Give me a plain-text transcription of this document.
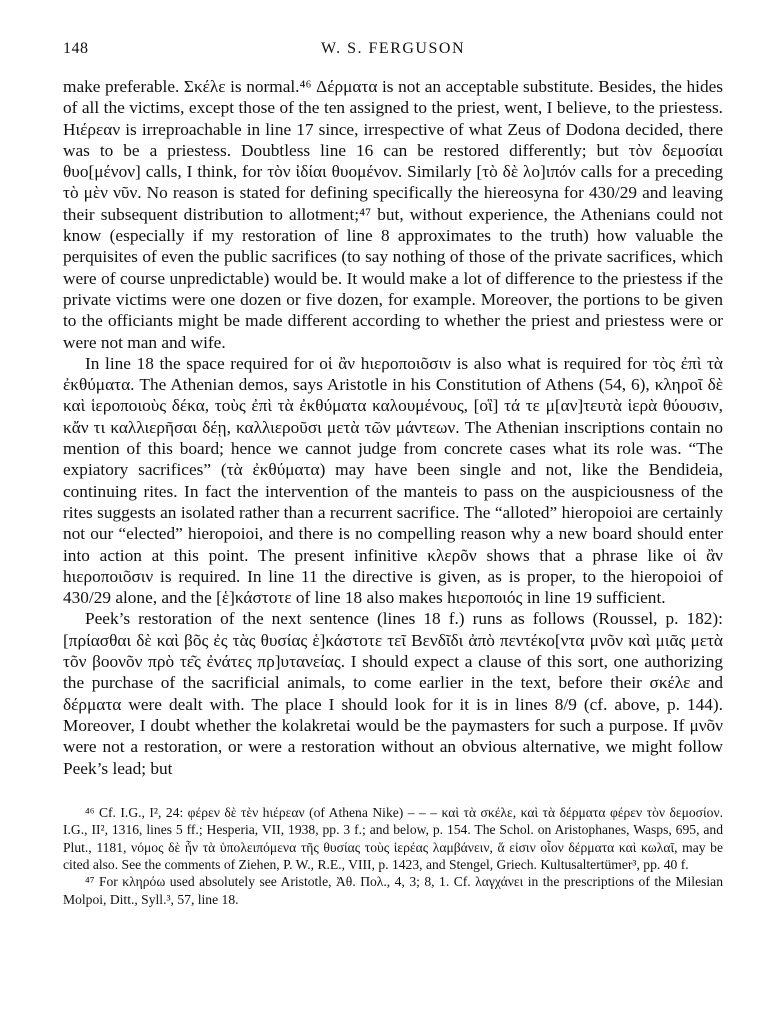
148	W. S. FERGUSON

make preferable. Σκέλε is normal.⁴⁶ Δέρματα is not an acceptable substitute. Besides, the hides of all the victims, except those of the ten assigned to the priest, went, I believe, to the priestess. Ηιέρεαν is irreproachable in line 17 since, irrespective of what Zeus of Dodona decided, there was to be a priestess. Doubtless line 16 can be restored differently; but τὸν δεμοσίαι θυο[μένον] calls, I think, for τὸν ἰδίαι θυομένον. Similarly [τὸ δὲ λο]ιπόν calls for a preceding τὸ μὲν νῦν. No reason is stated for defining specifically the hiereosyna for 430/29 and leaving their subsequent distribution to allotment;⁴⁷ but, without experience, the Athenians could not know (especially if my restoration of line 8 approximates to the truth) how valuable the perquisites of even the public sacrifices (to say nothing of those of the private sacrifices, which were of course unpredictable) would be. It would make a lot of difference to the priestess if the private victims were one dozen or five dozen, for example. Moreover, the portions to be given to the officiants might be made different according to whether the priest and priestess were or were not man and wife.

In line 18 the space required for οἱ ἂν hιεροποιõσιν is also what is required for τὸς ἐπὶ τὰ ἐκθύματα. The Athenian demos, says Aristotle in his Constitution of Athens (54, 6), κληροῖ δὲ καὶ ἱεροποιοὺς δέκα, τοὺς ἐπὶ τὰ ἐκθύματα καλουμένους, [οἳ] τά τε μ[αν]τευτὰ ἱερὰ θύουσιν, κἄν τι καλλιερῆσαι δέῃ, καλλιεροῦσι μετὰ τῶν μάντεων. The Athenian inscriptions contain no mention of this board; hence we cannot judge from concrete cases what its role was. “The expiatory sacrifices” (τὰ ἐκθύματα) may have been single and not, like the Bendideia, continuing rites. In fact the intervention of the manteis to pass on the auspiciousness of the rites suggests an isolated rather than a recurrent sacrifice. The “alloted” hieropoioi are certainly not our “elected” hieropoioi, and there is no compelling reason why a new board should enter into action at this point. The present infinitive κλερõν shows that a phrase like οἱ ἂν hιεροποιõσιν is required. In line 11 the directive is given, as is proper, to the hieropoioi of 430/29 alone, and the [ἑ]κάστοτε of line 18 also makes hιεροποιός in line 19 sufficient.

Peek’s restoration of the next sentence (lines 18 f.) runs as follows (Roussel, p. 182): [πρίασθαι δὲ καὶ βõς ἐς τὰς θυσίας ἑ]κάστοτε τεῖ Βενδῖδι ἀπὸ πεντέκο[ντα μνõν καὶ μιᾶς μετὰ τõν βοονõν πρὸ τε͂ς ἐνάτες πρ]υτανείας. I should expect a clause of this sort, one authorizing the purchase of the sacrificial animals, to come earlier in the text, before their σκέλε and δέρματα were dealt with. The place I should look for it is in lines 8/9 (cf. above, p. 144). Moreover, I doubt whether the kolakretai would be the paymasters for such a purpose. If μνõν were not a restoration, or were a restoration without an obvious alternative, we might follow Peek’s lead; but

⁴⁶ Cf. I.G., I², 24: φέρεν δὲ τὲν hιέρεαν (of Athena Nike) – – – καὶ τὰ σκέλε, καὶ τὰ δέρματα φέρεν τὸν δεμοσίον. I.G., II², 1316, lines 5 ff.; Hesperia, VII, 1938, pp. 3 f.; and below, p. 154. The Schol. on Aristophanes, Wasps, 695, and Plut., 1181, νόμος δὲ ἦν τὰ ὑπολειπόμενα τῆς θυσίας τοὺς ἱερέας λαμβάνειν, ἅ εἰσιν οἷον δέρματα καὶ κωλαῖ, may be cited also. See the comments of Ziehen, P. W., R.E., VIII, p. 1423, and Stengel, Griech. Kultusaltertümer³, pp. 40 f.

⁴⁷ For κληρόω used absolutely see Aristotle, Ἀθ. Πολ., 4, 3; 8, 1. Cf. λαγχάνει in the prescriptions of the Milesian Molpoi, Ditt., Syll.³, 57, line 18.
